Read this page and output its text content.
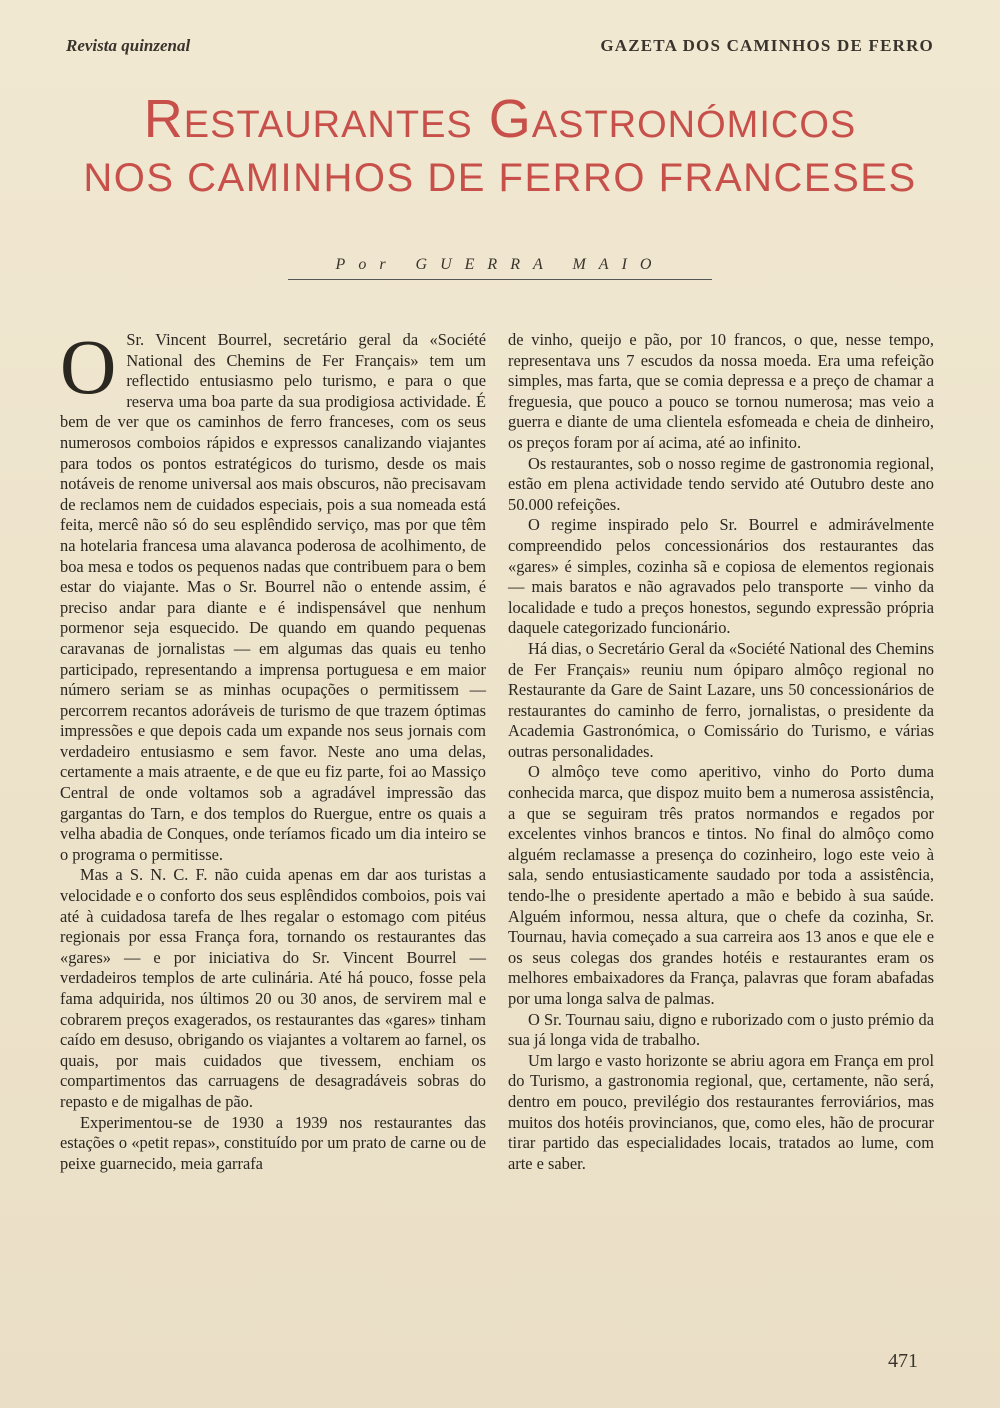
Revista quinzenal	GAZETA DOS CAMINHOS DE FERRO
Restaurantes Gastronómicos
NOS CAMINHOS DE FERRO FRANCESES
Por GUERRA MAIO

O Sr. Vincent Bourrel, secretário geral da «Société National des Chemins de Fer Français» tem um reflectido entusiasmo pelo turismo, e para o que reserva uma boa parte da sua prodigiosa actividade. É bem de ver que os caminhos de ferro franceses, com os seus numerosos comboios rápidos e expressos canalizando viajantes para todos os pontos estratégicos do turismo, desde os mais notáveis de renome universal aos mais obscuros, não precisavam de reclamos nem de cuidados especiais, pois a sua nomeada está feita, mercê não só do seu esplêndido serviço, mas por que têm na hotelaria francesa uma alavanca poderosa de acolhimento, de boa mesa e todos os pequenos nadas que contribuem para o bem estar do viajante. Mas o Sr. Bourrel não o entende assim, é preciso andar para diante e é indispensável que nenhum pormenor seja esquecido. De quando em quando pequenas caravanas de jornalistas — em algumas das quais eu tenho participado, representando a imprensa portuguesa e em maior número seriam se as minhas ocupações o permitissem — percorrem recantos adoráveis de turismo de que trazem óptimas impressões e que depois cada um expande nos seus jornais com verdadeiro entusiasmo e sem favor. Neste ano uma delas, certamente a mais atraente, e de que eu fiz parte, foi ao Massiço Central de onde voltamos sob a agradável impressão das gargantas do Tarn, e dos templos do Ruergue, entre os quais a velha abadia de Conques, onde teríamos ficado um dia inteiro se o programa o permitisse.

Mas a S. N. C. F. não cuida apenas em dar aos turistas a velocidade e o conforto dos seus esplêndidos comboios, pois vai até à cuidadosa tarefa de lhes regalar o estomago com pitéus regionais por essa França fora, tornando os restaurantes das «gares» — e por iniciativa do Sr. Vincent Bourrel — verdadeiros templos de arte culinária. Até há pouco, fosse pela fama adquirida, nos últimos 20 ou 30 anos, de servirem mal e cobrarem preços exagerados, os restaurantes das «gares» tinham caído em desuso, obrigando os viajantes a voltarem ao farnel, os quais, por mais cuidados que tivessem, enchiam os compartimentos das carruagens de desagradáveis sobras do repasto e de migalhas de pão.

Experimentou-se de 1930 a 1939 nos restaurantes das estações o «petit repas», constituído por um prato de carne ou de peixe guarnecido, meia garrafa

de vinho, queijo e pão, por 10 francos, o que, nesse tempo, representava uns 7 escudos da nossa moeda. Era uma refeição simples, mas farta, que se comia depressa e a preço de chamar a freguesia, que pouco a pouco se tornou numerosa; mas veio a guerra e diante de uma clientela esfomeada e cheia de dinheiro, os preços foram por aí acima, até ao infinito.

Os restaurantes, sob o nosso regime de gastronomia regional, estão em plena actividade tendo servido até Outubro deste ano 50.000 refeições.

O regime inspirado pelo Sr. Bourrel e admirávelmente compreendido pelos concessionários dos restaurantes das «gares» é simples, cozinha sã e copiosa de elementos regionais — mais baratos e não agravados pelo transporte — vinho da localidade e tudo a preços honestos, segundo expressão própria daquele categorizado funcionário.

Há dias, o Secretário Geral da «Société National des Chemins de Fer Français» reuniu num ópiparo almôço regional no Restaurante da Gare de Saint Lazare, uns 50 concessionários de restaurantes do caminho de ferro, jornalistas, o presidente da Academia Gastronómica, o Comissário do Turismo, e várias outras personalidades.

O almôço teve como aperitivo, vinho do Porto duma conhecida marca, que dispoz muito bem a numerosa assistência, a que se seguiram três pratos normandos e regados por excelentes vinhos brancos e tintos. No final do almôço como alguém reclamasse a presença do cozinheiro, logo este veio à sala, sendo entusiasticamente saudado por toda a assistência, tendo-lhe o presidente apertado a mão e bebido à sua saúde. Alguém informou, nessa altura, que o chefe da cozinha, Sr. Tournau, havia começado a sua carreira aos 13 anos e que ele e os seus colegas dos grandes hotéis e restaurantes eram os melhores embaixadores da França, palavras que foram abafadas por uma longa salva de palmas.

O Sr. Tournau saiu, digno e ruborizado com o justo prémio da sua já longa vida de trabalho.

Um largo e vasto horizonte se abriu agora em França em prol do Turismo, a gastronomia regional, que, certamente, não será, dentro em pouco, previlégio dos restaurantes ferroviários, mas muitos dos hotéis provincianos, que, como eles, hão de procurar tirar partido das especialidades locais, tratados ao lume, com arte e saber.

471
